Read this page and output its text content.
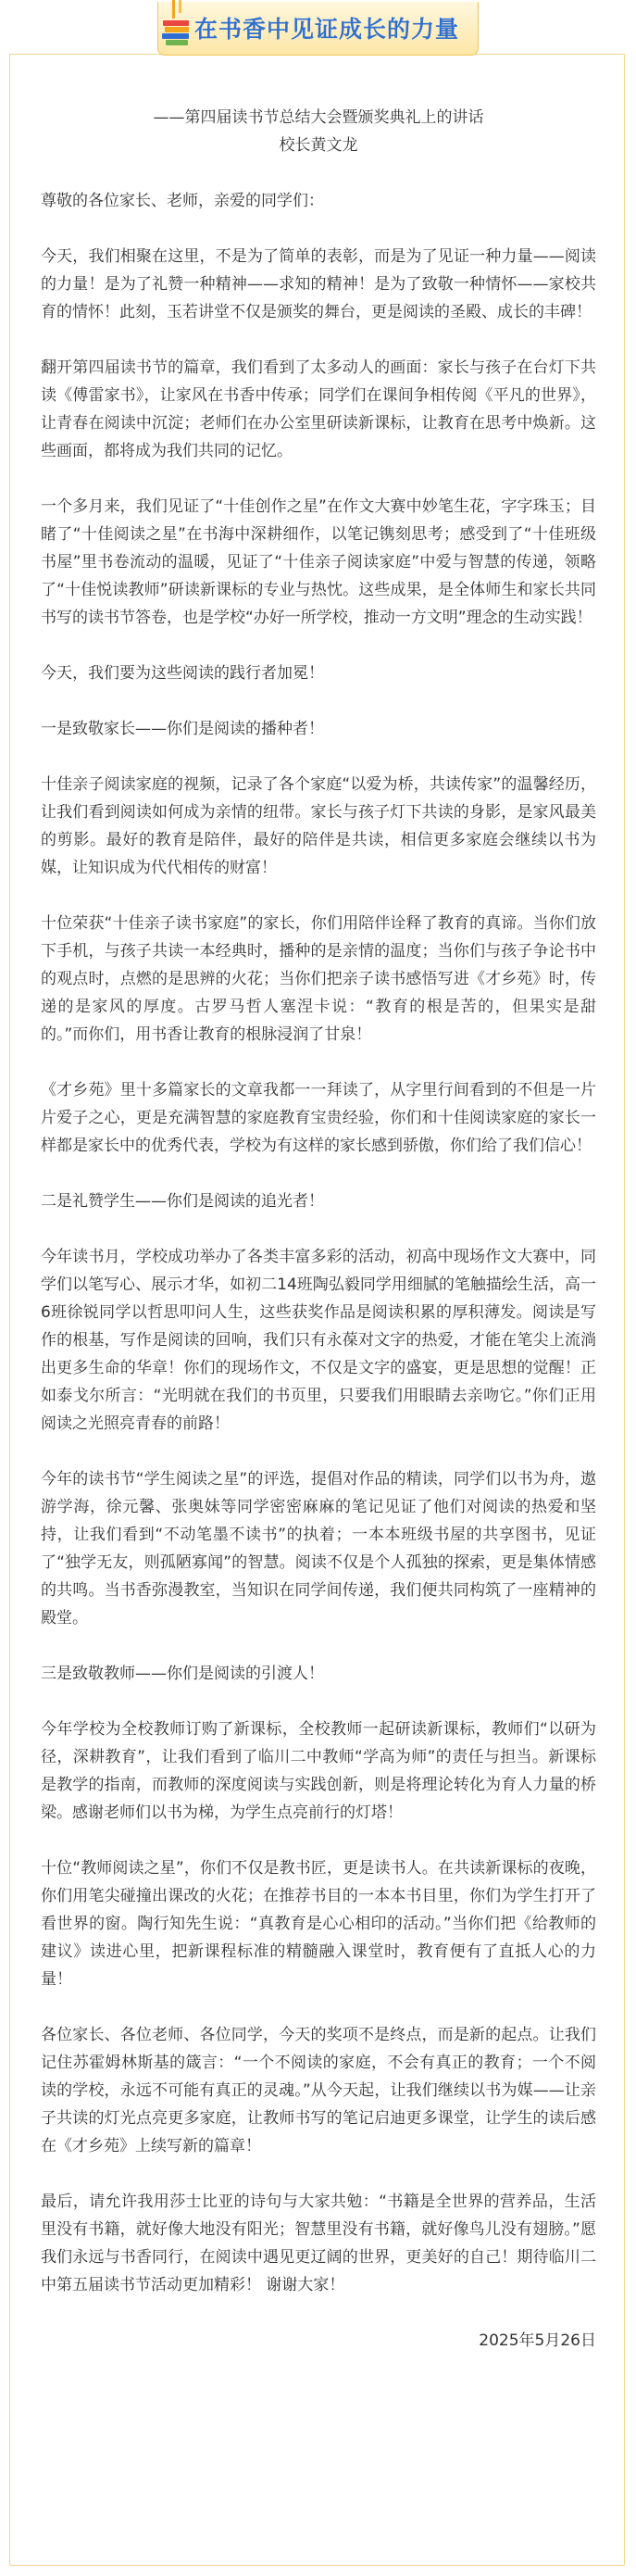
在书香中见证成长的力量

——第四届读书节总结大会暨颁奖典礼上的讲话

校长黄文龙

尊敬的各位家长、老师，亲爱的同学们：

今天，我们相聚在这里，不是为了简单的表彰，而是为了见证一种力量——阅读的力量！是为了礼赞一种精神——求知的精神！是为了致敬一种情怀——家校共育的情怀！此刻，玉若讲堂不仅是颁奖的舞台，更是阅读的圣殿、成长的丰碑！

翻开第四届读书节的篇章，我们看到了太多动人的画面：家长与孩子在台灯下共读《傅雷家书》，让家风在书香中传承；同学们在课间争相传阅《平凡的世界》，让青春在阅读中沉淀；老师们在办公室里研读新课标，让教育在思考中焕新。这些画面，都将成为我们共同的记忆。

一个多月来，我们见证了“十佳创作之星”在作文大赛中妙笔生花，字字珠玉；目睹了“十佳阅读之星”在书海中深耕细作，以笔记镌刻思考；感受到了“十佳班级书屋”里书卷流动的温暖，见证了“十佳亲子阅读家庭”中爱与智慧的传递，领略了“十佳悦读教师”研读新课标的专业与热忱。这些成果，是全体师生和家长共同书写的读书节答卷，也是学校“办好一所学校，推动一方文明”理念的生动实践！

今天，我们要为这些阅读的践行者加冕！

一是致敬家长——你们是阅读的播种者！

十佳亲子阅读家庭的视频，记录了各个家庭“以爱为桥，共读传家”的温馨经历，让我们看到阅读如何成为亲情的纽带。家长与孩子灯下共读的身影，是家风最美的剪影。最好的教育是陪伴，最好的陪伴是共读，相信更多家庭会继续以书为媒，让知识成为代代相传的财富！

十位荣获“十佳亲子读书家庭”的家长，你们用陪伴诠释了教育的真谛。当你们放下手机，与孩子共读一本经典时，播种的是亲情的温度；当你们与孩子争论书中的观点时，点燃的是思辨的火花；当你们把亲子读书感悟写进《才乡苑》时，传递的是家风的厚度。古罗马哲人塞涅卡说：“教育的根是苦的，但果实是甜的。”而你们，用书香让教育的根脉浸润了甘泉！

《才乡苑》里十多篇家长的文章我都一一拜读了，从字里行间看到的不但是一片片爱子之心，更是充满智慧的家庭教育宝贵经验，你们和十佳阅读家庭的家长一样都是家长中的优秀代表，学校为有这样的家长感到骄傲，你们给了我们信心！

二是礼赞学生——你们是阅读的追光者！

今年读书月，学校成功举办了各类丰富多彩的活动，初高中现场作文大赛中，同学们以笔写心、展示才华，如初二14班陶弘毅同学用细腻的笔触描绘生活，高一6班徐锐同学以哲思叩问人生，这些获奖作品是阅读积累的厚积薄发。阅读是写作的根基，写作是阅读的回响，我们只有永葆对文字的热爱，才能在笔尖上流淌出更多生命的华章！你们的现场作文，不仅是文字的盛宴，更是思想的觉醒！正如泰戈尔所言：“光明就在我们的书页里，只要我们用眼睛去亲吻它。”你们正用阅读之光照亮青春的前路！

今年的读书节“学生阅读之星”的评选，提倡对作品的精读，同学们以书为舟，遨游学海，徐元馨、张奥妹等同学密密麻麻的笔记见证了他们对阅读的热爱和坚持，让我们看到“不动笔墨不读书”的执着；一本本班级书屋的共享图书，见证了“独学无友，则孤陋寡闻”的智慧。阅读不仅是个人孤独的探索，更是集体情感的共鸣。当书香弥漫教室，当知识在同学间传递，我们便共同构筑了一座精神的殿堂。

三是致敬教师——你们是阅读的引渡人！

今年学校为全校教师订购了新课标，全校教师一起研读新课标，教师们“以研为径，深耕教育”，让我们看到了临川二中教师“学高为师”的责任与担当。新课标是教学的指南，而教师的深度阅读与实践创新，则是将理论转化为育人力量的桥梁。感谢老师们以书为梯，为学生点亮前行的灯塔！

十位“教师阅读之星”，你们不仅是教书匠，更是读书人。在共读新课标的夜晚，你们用笔尖碰撞出课改的火花；在推荐书目的一本本书目里，你们为学生打开了看世界的窗。陶行知先生说：“真教育是心心相印的活动。”当你们把《给教师的建议》读进心里，把新课程标准的精髓融入课堂时，教育便有了直抵人心的力量！

各位家长、各位老师、各位同学，今天的奖项不是终点，而是新的起点。让我们记住苏霍姆林斯基的箴言：“一个不阅读的家庭，不会有真正的教育；一个不阅读的学校，永远不可能有真正的灵魂。”从今天起，让我们继续以书为媒——让亲子共读的灯光点亮更多家庭，让教师书写的笔记启迪更多课堂，让学生的读后感在《才乡苑》上续写新的篇章！

最后，请允许我用莎士比亚的诗句与大家共勉：“书籍是全世界的营养品，生活里没有书籍，就好像大地没有阳光；智慧里没有书籍，就好像鸟儿没有翅膀。”愿我们永远与书香同行，在阅读中遇见更辽阔的世界，更美好的自己！期待临川二中第五届读书节活动更加精彩！ 谢谢大家！

2025年5月26日
